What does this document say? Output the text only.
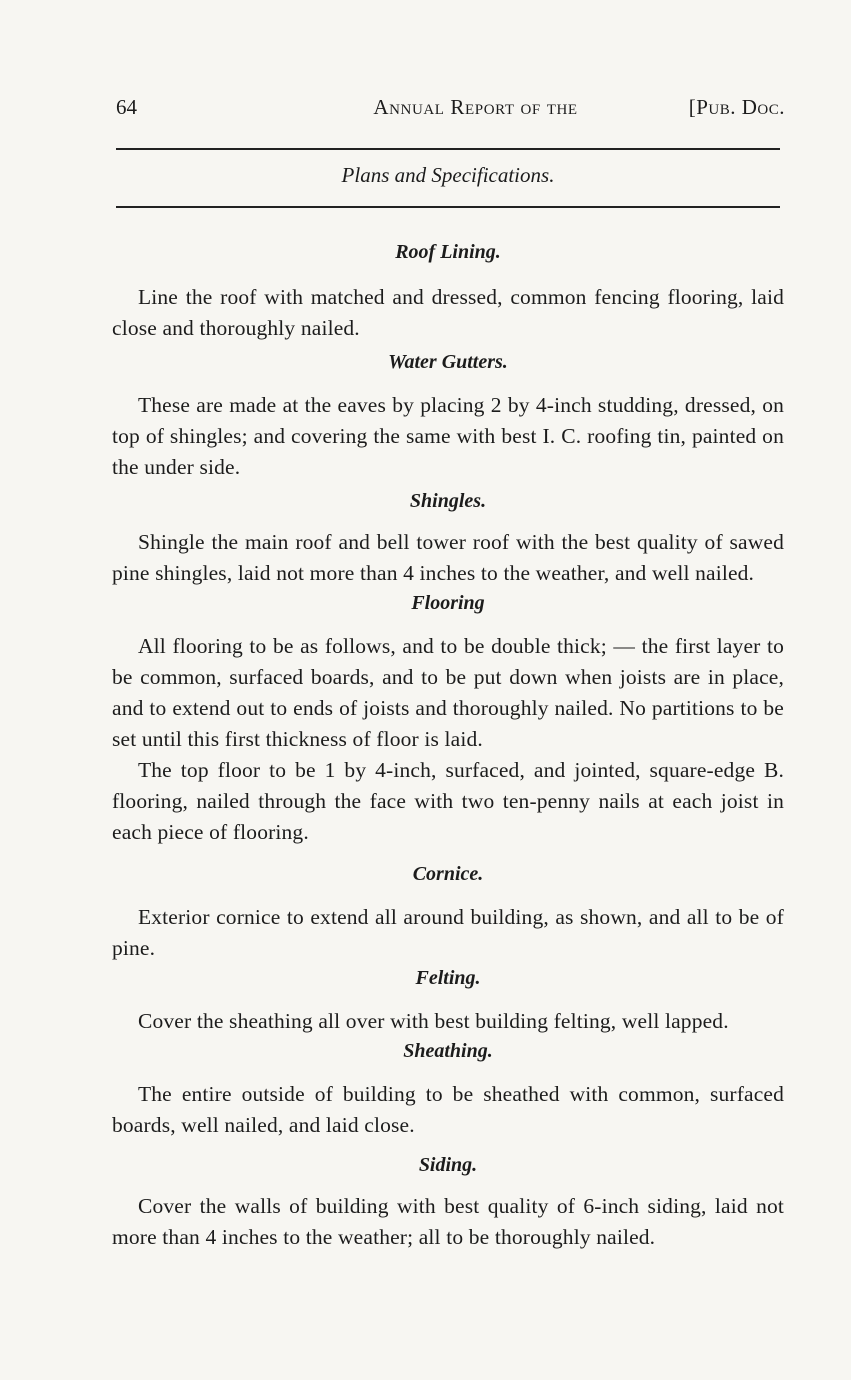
64	Annual Report of the	[Pub. Doc.
Plans and Specifications.
Roof Lining.

Line the roof with matched and dressed, common fencing flooring, laid close and thoroughly nailed.

Water Gutters.

These are made at the eaves by placing 2 by 4-inch studding, dressed, on top of shingles; and covering the same with best I. C. roofing tin, painted on the under side.

Shingles.

Shingle the main roof and bell tower roof with the best quality of sawed pine shingles, laid not more than 4 inches to the weather, and well nailed.

Flooring

All flooring to be as follows, and to be double thick; — the first layer to be common, surfaced boards, and to be put down when joists are in place, and to extend out to ends of joists and thoroughly nailed. No partitions to be set until this first thickness of floor is laid.

The top floor to be 1 by 4-inch, surfaced, and jointed, square-edge B. flooring, nailed through the face with two ten-penny nails at each joist in each piece of flooring.

Cornice.

Exterior cornice to extend all around building, as shown, and all to be of pine.

Felting.

Cover the sheathing all over with best building felting, well lapped.

Sheathing.

The entire outside of building to be sheathed with common, surfaced boards, well nailed, and laid close.

Siding.

Cover the walls of building with best quality of 6-inch siding, laid not more than 4 inches to the weather; all to be thoroughly nailed.
